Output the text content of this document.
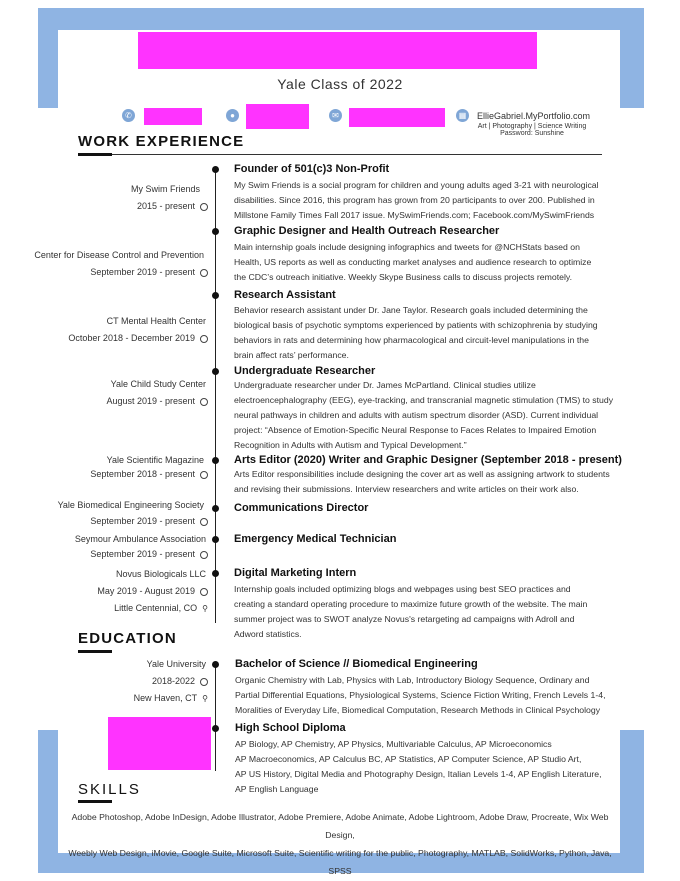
Yale Class of 2022
✆	●	✉	▦	EllieGabriel.MyPortfolio.com
Art | Photography | Science Writing
Password: Sunshine
WORK EXPERIENCE
My Swim Friends
2015 - present
Founder of 501(c)3 Non-Profit
My Swim Friends is a social program for children and young adults aged 3-21 with neurological
disabilities. Since 2016, this program has grown from 20 participants to over 200. Published in
Millstone Family Times Fall 2017 issue. MySwimFriends.com; Facebook.com/MySwimFriends
Center for Disease Control and Prevention
September 2019 - present
Graphic Designer and Health Outreach Researcher
Main internship goals include designing infographics and tweets for @NCHStats based on
Health, US reports as well as conducting market analyses and audience research to optimize
the CDC’s outreach initiative. Weekly Skype Business calls to discuss projects remotely.
CT Mental Health Center
October 2018 - December 2019
Research Assistant
Behavior research assistant under Dr. Jane Taylor. Research goals included determining the
biological basis of psychotic symptoms experienced by patients with schizophrenia by studying
behaviors in rats and determining how pharmacological and circuit-level manipulations in the
brain affect rats’ performance.
Yale Child Study Center
August 2019 - present
Undergraduate Researcher
Undergraduate researcher under Dr. James McPartland. Clinical studies utilize
electroencephalography (EEG), eye-tracking, and transcranial magnetic stimulation (TMS) to study
neural pathways in children and adults with autism spectrum disorder (ASD). Current individual
project: “Absence of Emotion-Specific Neural Response to Faces Relates to Impaired Emotion
Recognition in Adults with Autism and Typical Development.”
Yale Scientific Magazine
September 2018 - present
Arts Editor (2020) Writer and Graphic Designer (September 2018 - present)
Arts Editor responsibilities include designing the cover art as well as assigning artwork to students
and revising their submissions. Interview researchers and write articles on their work also.
Yale Biomedical Engineering Society
September 2019 - present
Communications Director
Seymour Ambulance Association
September 2019 - present
Emergency Medical Technician
Novus Biologicals LLC
May 2019 - August 2019
Little Centennial, CO ⚲
Digital Marketing Intern
Internship goals included optimizing blogs and webpages using best SEO practices and
creating a standard operating procedure to maximize future growth of the website. The main
summer project was to SWOT analyze Novus's retargeting ad campaigns with Adroll and
Adword statistics.
EDUCATION
Yale University
2018-2022
New Haven, CT ⚲
Bachelor of Science // Biomedical Engineering
Organic Chemistry with Lab, Physics with Lab, Introductory Biology Sequence, Ordinary and
Partial Differential Equations, Physiological Systems, Science Fiction Writing, French Levels 1-4,
Moralities of Everyday Life, Biomedical Computation, Research Methods in Clinical Psychology
High School Diploma
AP Biology, AP Chemistry, AP Physics, Multivariable Calculus, AP Microeconomics
AP Macroeconomics, AP Calculus BC, AP Statistics, AP Computer Science, AP Studio Art,
AP US History, Digital Media and Photography Design, Italian Levels 1-4, AP English Literature,
AP English Language
SKILLS
Adobe Photoshop, Adobe InDesign, Adobe Illustrator, Adobe Premiere, Adobe Animate, Adobe Lightroom, Adobe Draw, Procreate, Wix Web Design,
Weebly Web Design, iMovie, Google Suite, Microsoft Suite, Scientific writing for the public, Photography, MATLAB, SolidWorks, Python, Java, SPSS
